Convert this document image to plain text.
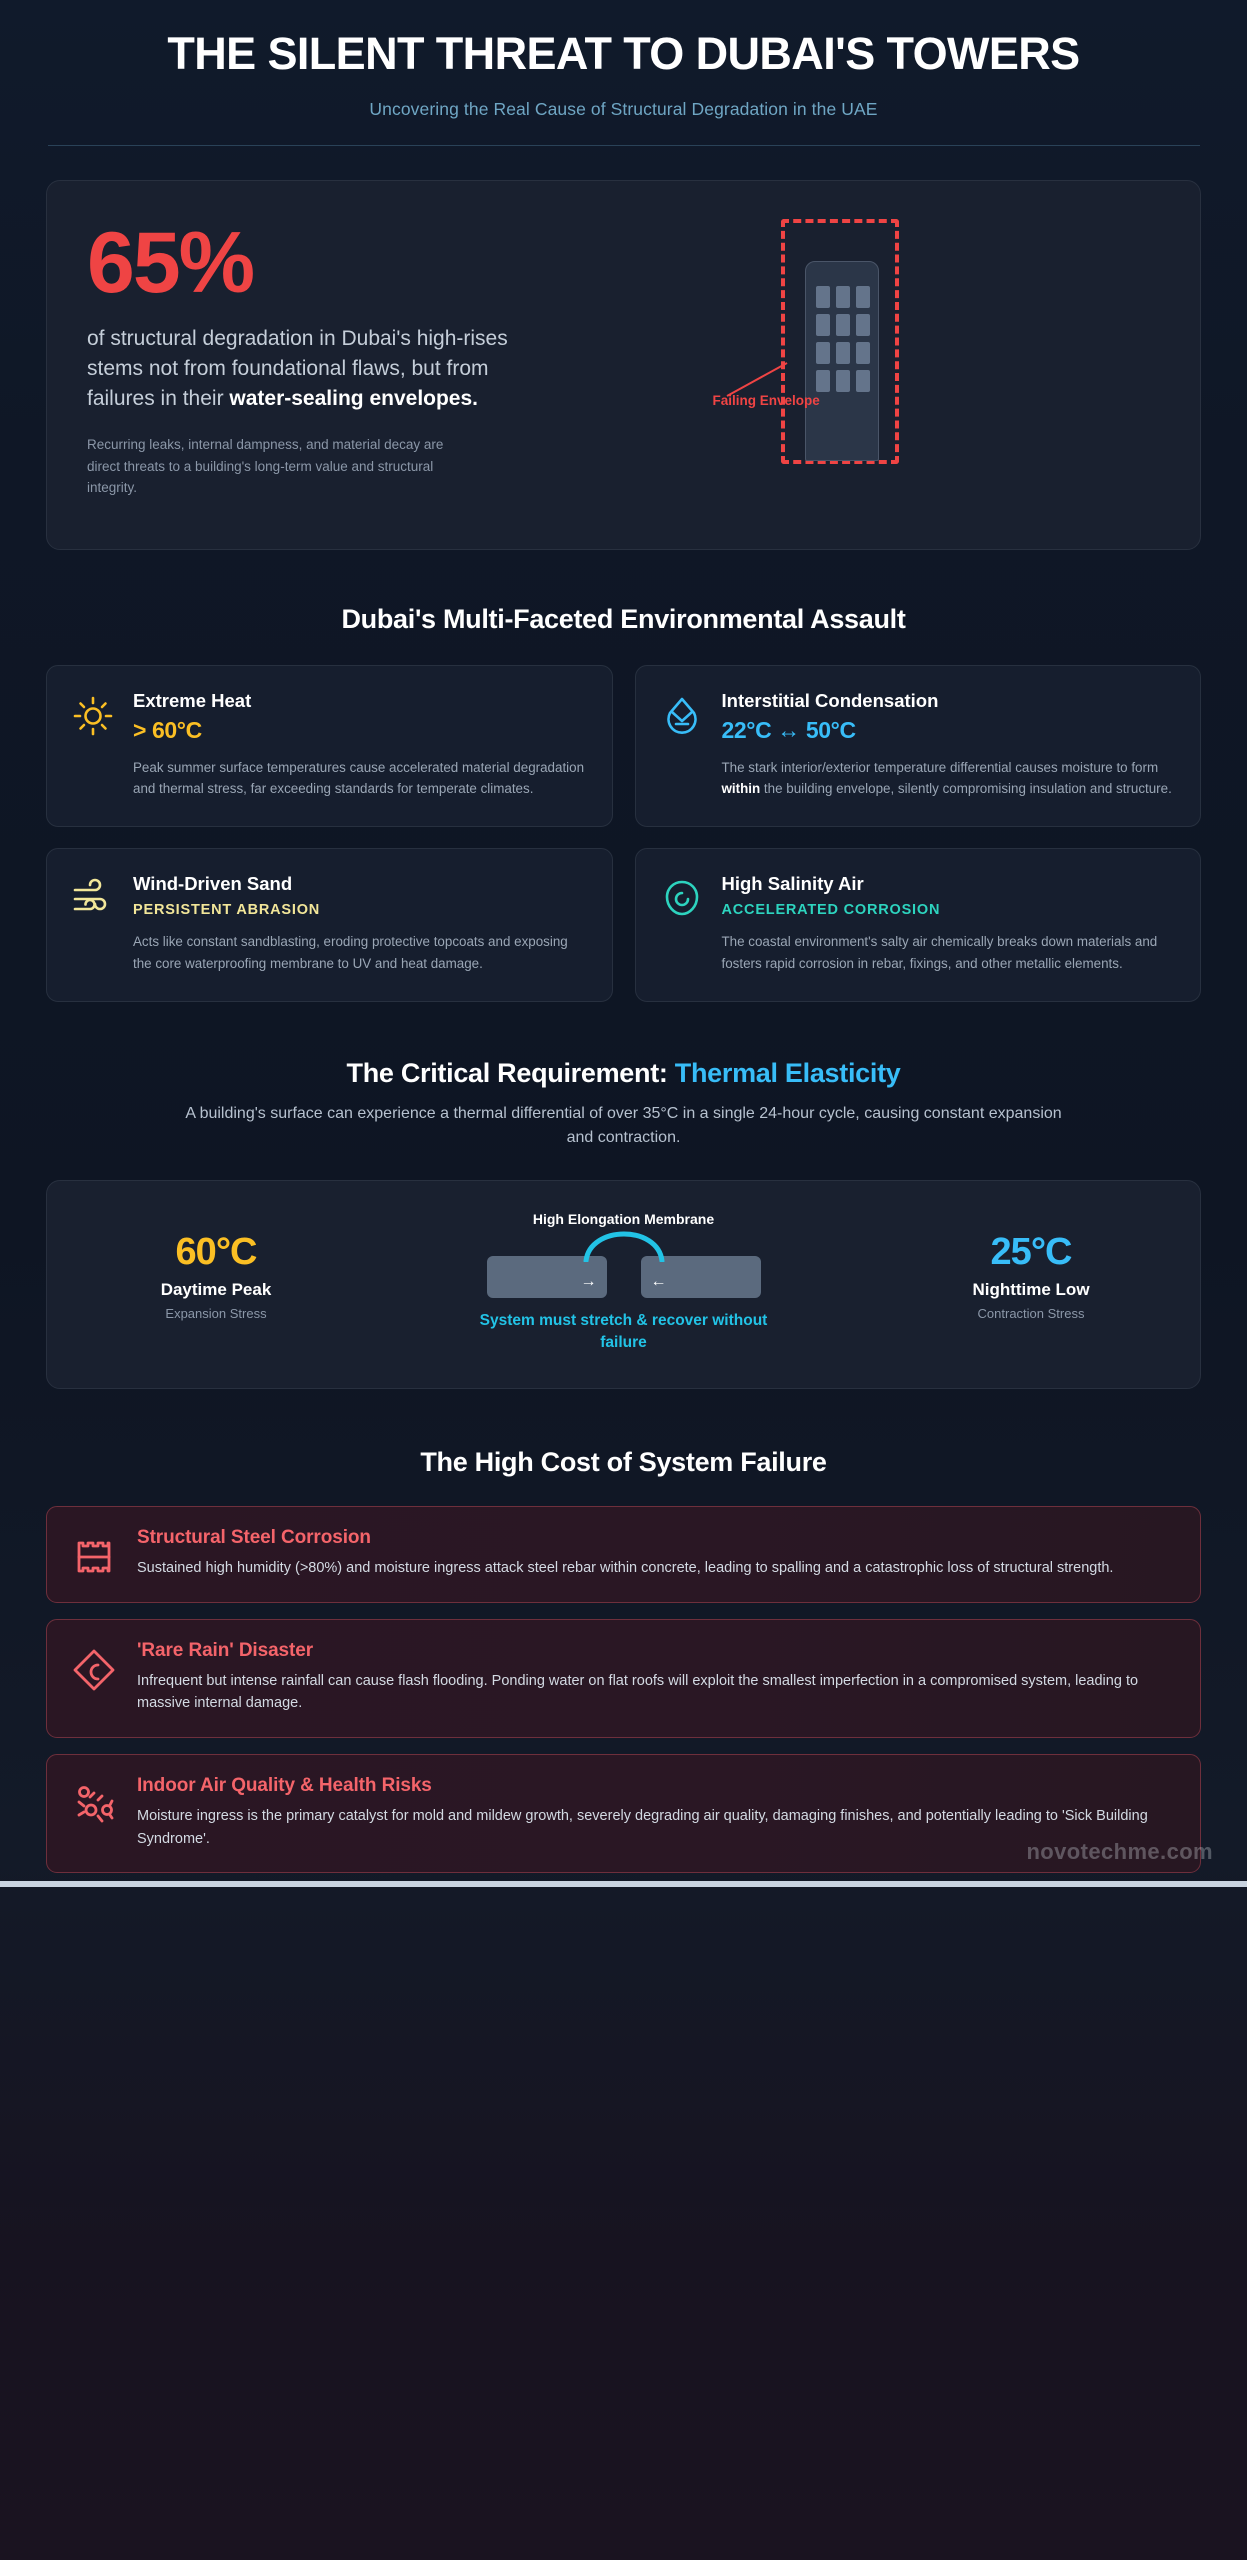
THE SILENT THREAT TO DUBAI'S TOWERS
Uncovering the Real Cause of Structural Degradation in the UAE
65%
of structural degradation in Dubai's high-rises stems not from foundational flaws, but from failures in their water-sealing envelopes.
Recurring leaks, internal dampness, and material decay are direct threats to a building's long-term value and structural integrity.
Failing Envelope
Dubai's Multi-Faceted Environmental Assault
Extreme Heat
> 60°C
Peak summer surface temperatures cause accelerated material degradation and thermal stress, far exceeding standards for temperate climates.
Interstitial Condensation
22°C ↔ 50°C
The stark interior/exterior temperature differential causes moisture to form within the building envelope, silently compromising insulation and structure.
Wind-Driven Sand
PERSISTENT ABRASION
Acts like constant sandblasting, eroding protective topcoats and exposing the core waterproofing membrane to UV and heat damage.
High Salinity Air
ACCELERATED CORROSION
The coastal environment's salty air chemically breaks down materials and fosters rapid corrosion in rebar, fixings, and other metallic elements.
The Critical Requirement: Thermal Elasticity
A building's surface can experience a thermal differential of over 35°C in a single 24-hour cycle, causing constant expansion and contraction.
60°C
Daytime Peak
Expansion Stress
High Elongation Membrane
→	←
System must stretch & recover without failure
25°C
Nighttime Low
Contraction Stress
The High Cost of System Failure
Structural Steel Corrosion
Sustained high humidity (>80%) and moisture ingress attack steel rebar within concrete, leading to spalling and a catastrophic loss of structural strength.
'Rare Rain' Disaster
Infrequent but intense rainfall can cause flash flooding. Ponding water on flat roofs will exploit the smallest imperfection in a compromised system, leading to massive internal damage.
Indoor Air Quality & Health Risks
Moisture ingress is the primary catalyst for mold and mildew growth, severely degrading air quality, damaging finishes, and potentially leading to 'Sick Building Syndrome'.
novotechme.com
